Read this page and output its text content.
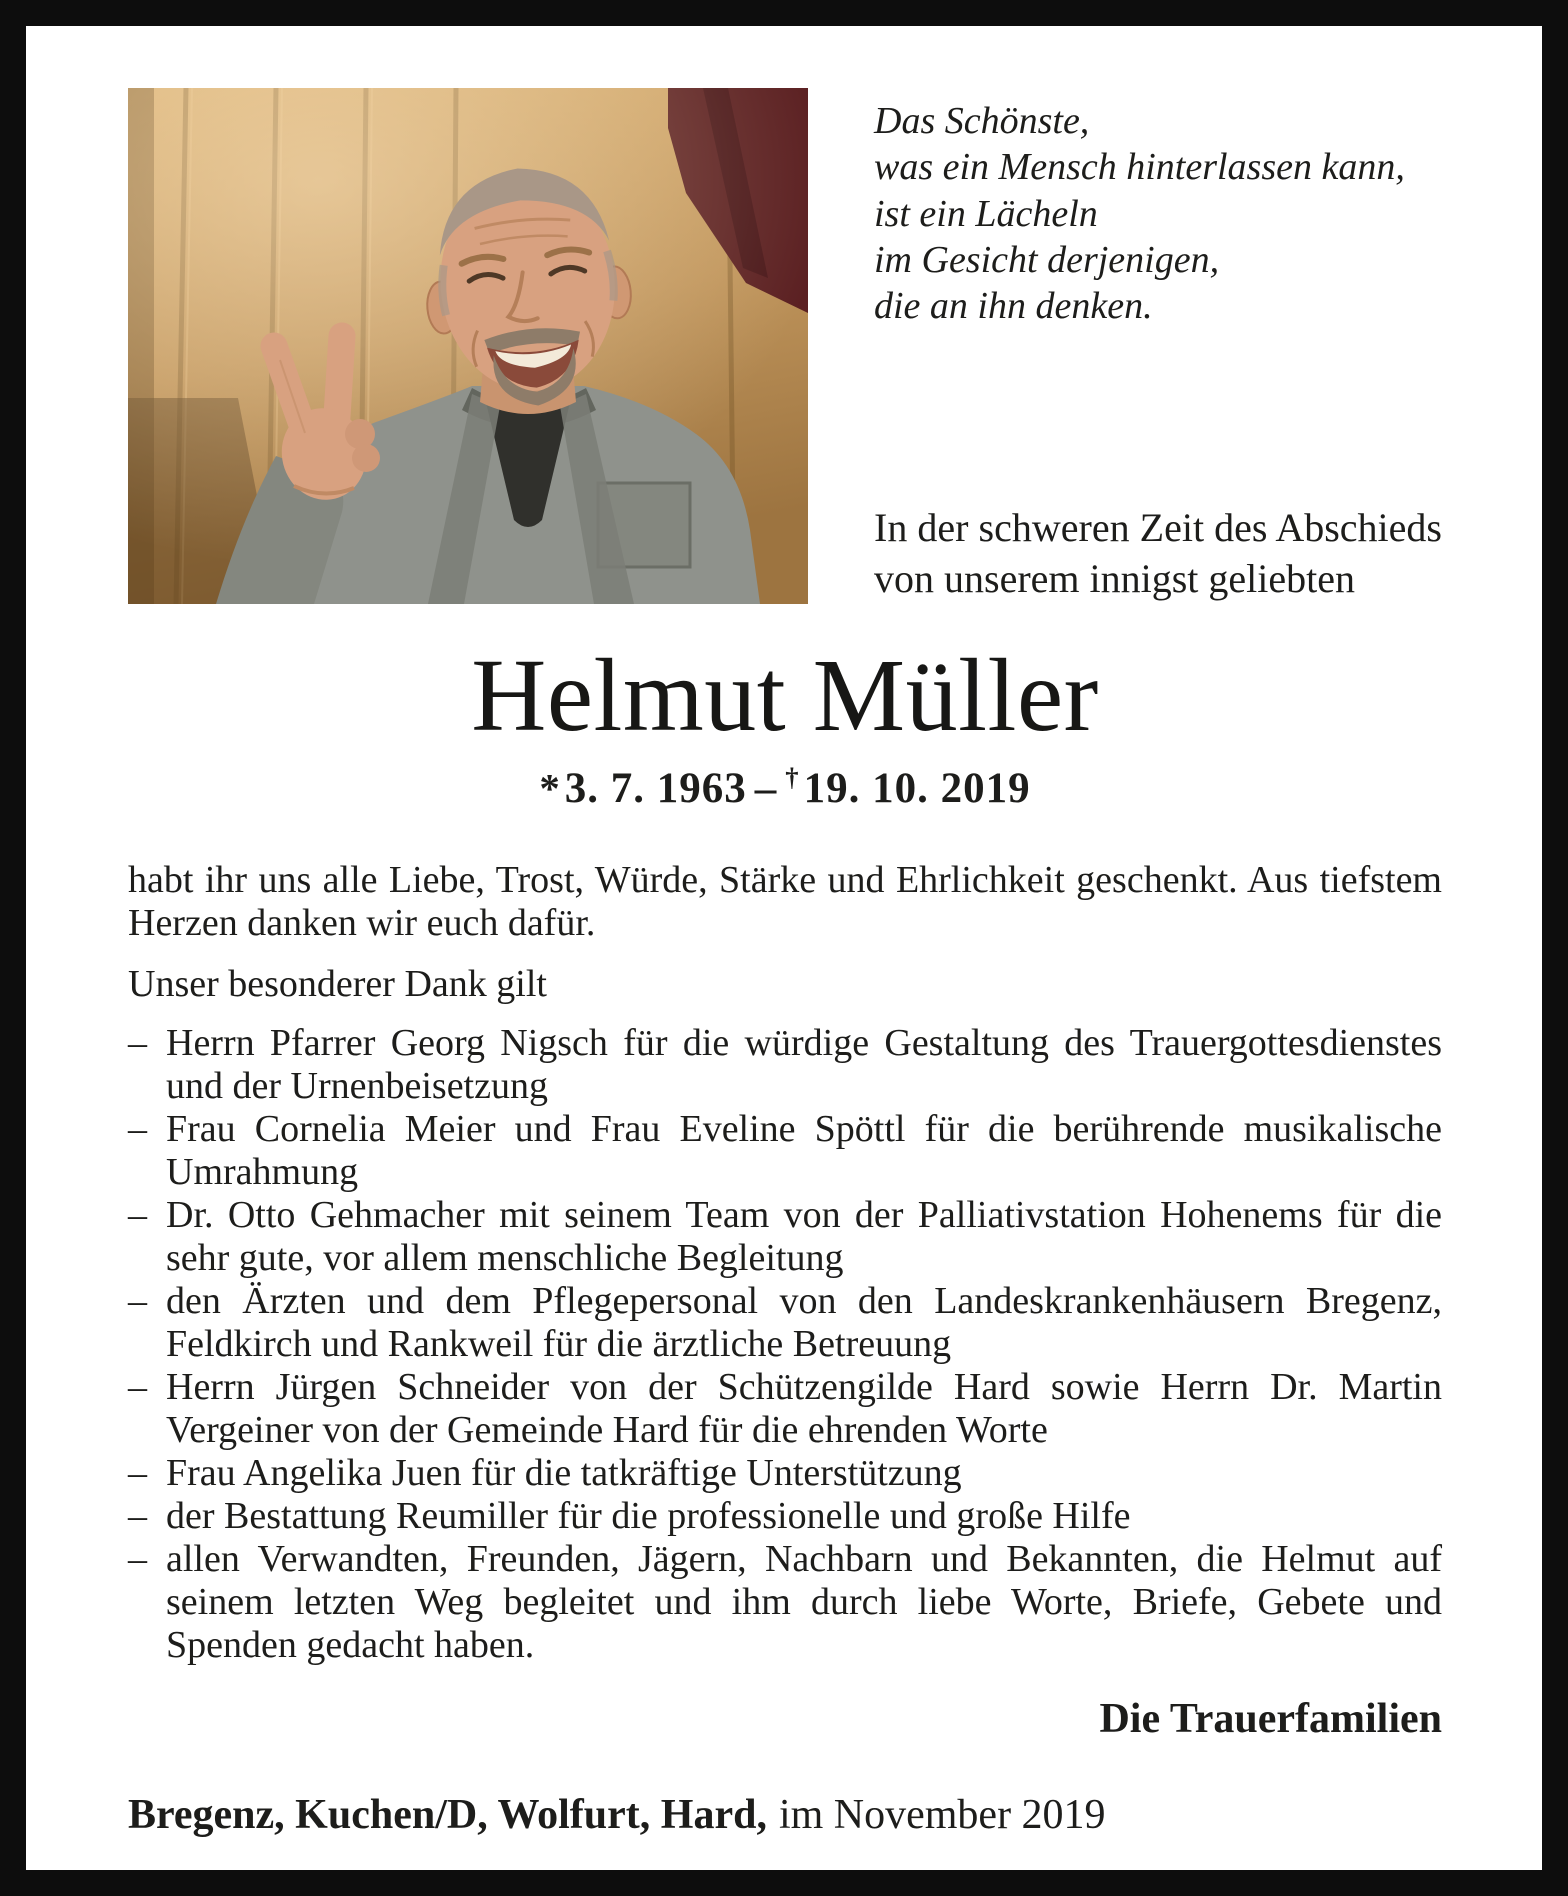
Das Schönste,
was ein Mensch hinterlassen kann,
ist ein Lächeln
im Gesicht derjenigen,
die an ihn denken.
In der schweren Zeit des Abschieds von unserem innigst geliebten
Helmut Müller
*3. 7. 1963 – †19. 10. 2019

habt ihr uns alle Liebe, Trost, Würde, Stärke und Ehrlichkeit geschenkt. Aus tiefstem Herzen danken wir euch dafür.

Unser besonderer Dank gilt

– Herrn Pfarrer Georg Nigsch für die würdige Gestaltung des Trauergottesdienstes und der Urnenbeisetzung
– Frau Cornelia Meier und Frau Eveline Spöttl für die berührende musikalische Umrahmung
– Dr. Otto Gehmacher mit seinem Team von der Palliativstation Hohenems für die sehr gute, vor allem menschliche Begleitung
– den Ärzten und dem Pflegepersonal von den Landeskrankenhäusern Bregenz, Feldkirch und Rankweil für die ärztliche Betreuung
– Herrn Jürgen Schneider von der Schützengilde Hard sowie Herrn Dr. Martin Vergeiner von der Gemeinde Hard für die ehrenden Worte
– Frau Angelika Juen für die tatkräftige Unterstützung
– der Bestattung Reumiller für die professionelle und große Hilfe
– allen Verwandten, Freunden, Jägern, Nachbarn und Bekannten, die Helmut auf seinem letzten Weg begleitet und ihm durch liebe Worte, Briefe, Gebete und Spenden gedacht haben.
Die Trauerfamilien
Bregenz, Kuchen/D, Wolfurt, Hard, im November 2019
